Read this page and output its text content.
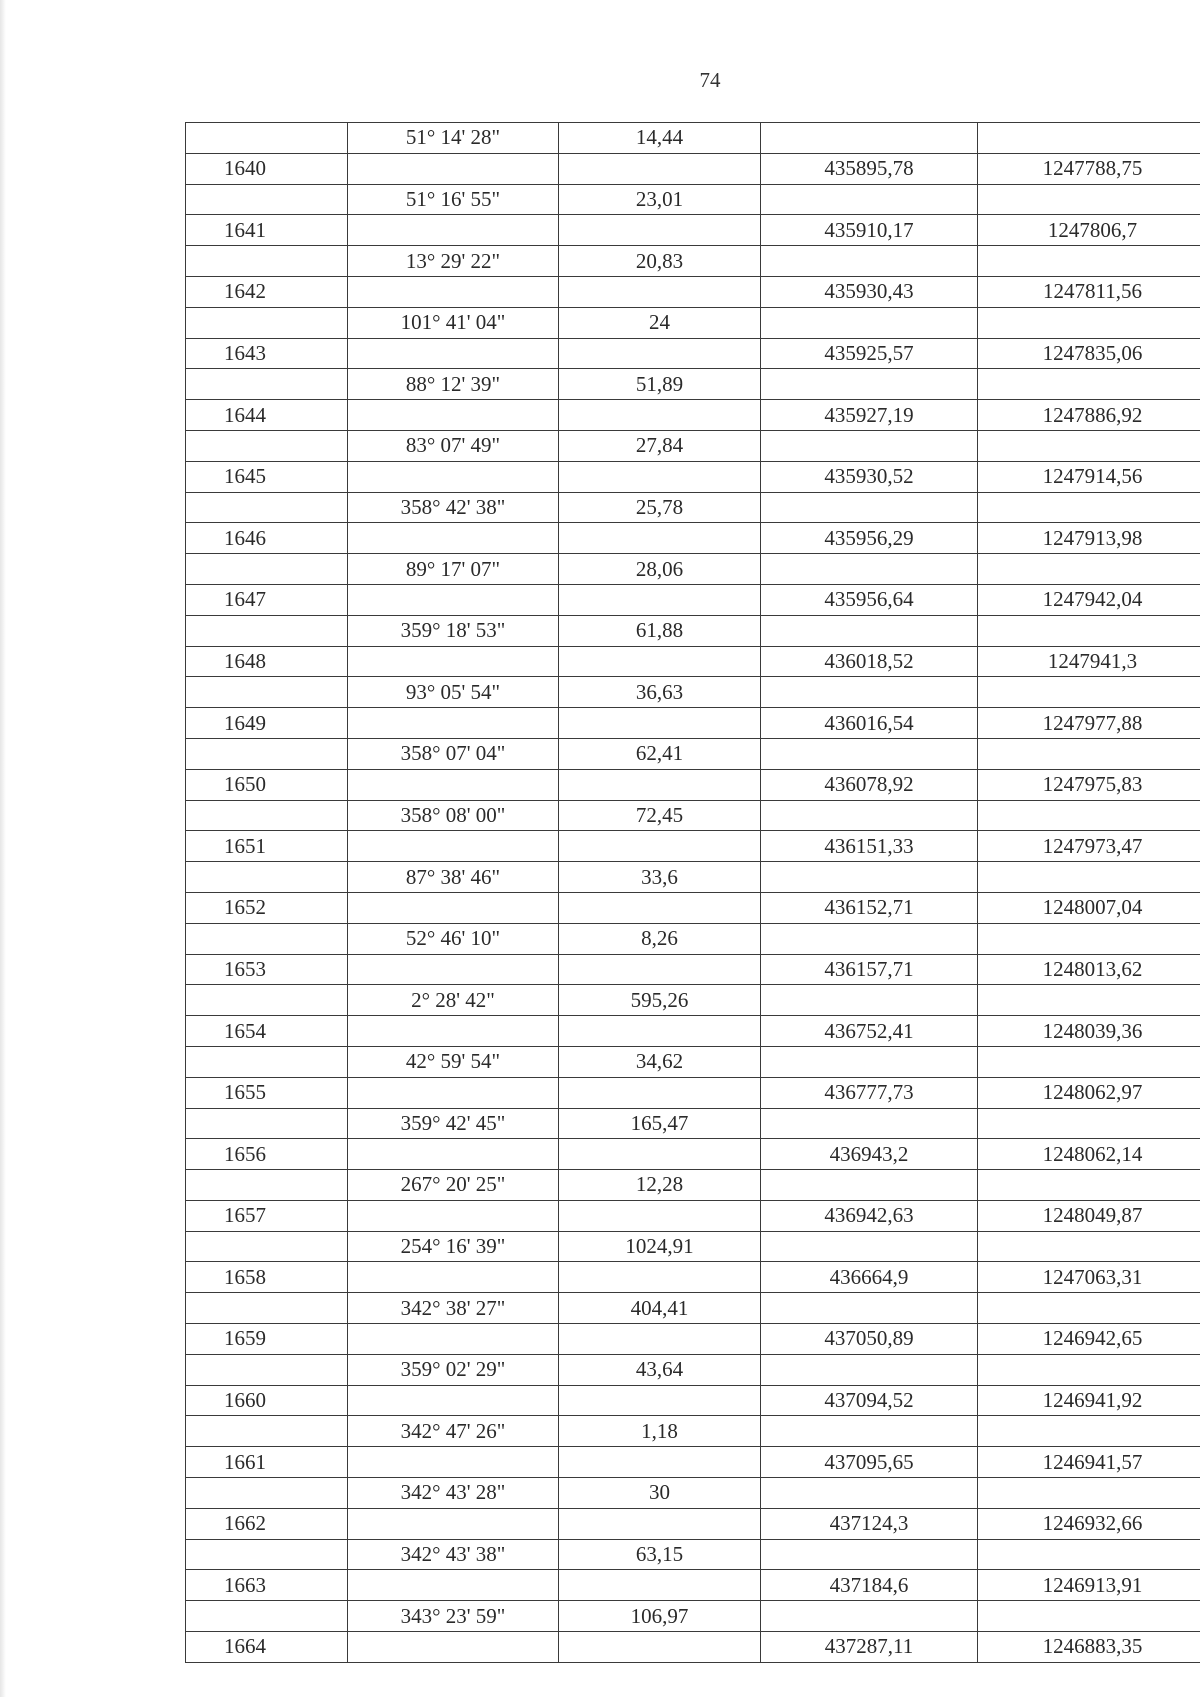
74
	51° 14' 28"	14,44		
1640			435895,78	1247788,75
	51° 16' 55"	23,01		
1641			435910,17	1247806,7
	13° 29' 22"	20,83		
1642			435930,43	1247811,56
	101° 41' 04"	24		
1643			435925,57	1247835,06
	88° 12' 39"	51,89		
1644			435927,19	1247886,92
	83° 07' 49"	27,84		
1645			435930,52	1247914,56
	358° 42' 38"	25,78		
1646			435956,29	1247913,98
	89° 17' 07"	28,06		
1647			435956,64	1247942,04
	359° 18' 53"	61,88		
1648			436018,52	1247941,3
	93° 05' 54"	36,63		
1649			436016,54	1247977,88
	358° 07' 04"	62,41		
1650			436078,92	1247975,83
	358° 08' 00"	72,45		
1651			436151,33	1247973,47
	87° 38' 46"	33,6		
1652			436152,71	1248007,04
	52° 46' 10"	8,26		
1653			436157,71	1248013,62
	2° 28' 42"	595,26		
1654			436752,41	1248039,36
	42° 59' 54"	34,62		
1655			436777,73	1248062,97
	359° 42' 45"	165,47		
1656			436943,2	1248062,14
	267° 20' 25"	12,28		
1657			436942,63	1248049,87
	254° 16' 39"	1024,91		
1658			436664,9	1247063,31
	342° 38' 27"	404,41		
1659			437050,89	1246942,65
	359° 02' 29"	43,64		
1660			437094,52	1246941,92
	342° 47' 26"	1,18		
1661			437095,65	1246941,57
	342° 43' 28"	30		
1662			437124,3	1246932,66
	342° 43' 38"	63,15		
1663			437184,6	1246913,91
	343° 23' 59"	106,97		
1664			437287,11	1246883,35
